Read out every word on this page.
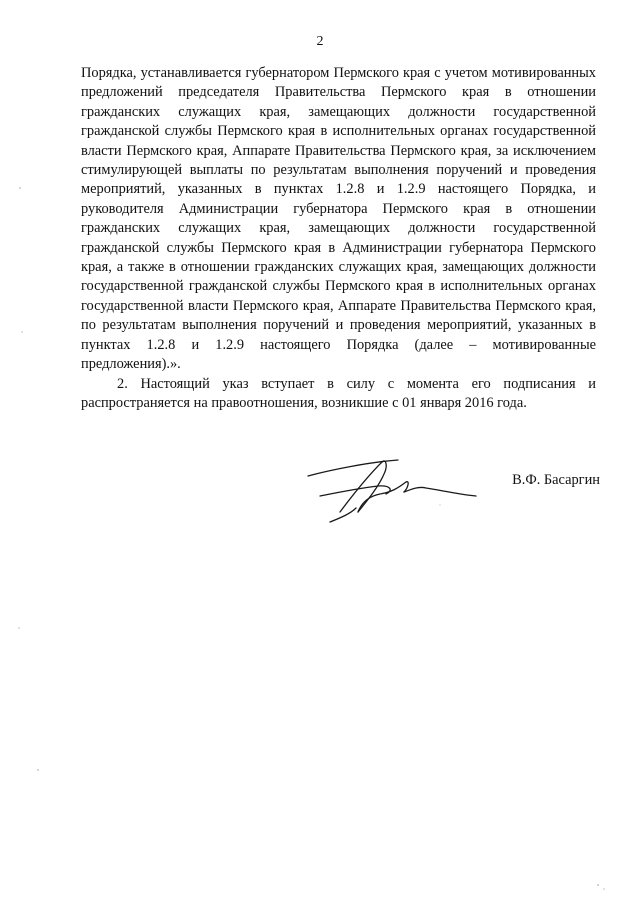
2

Порядка, устанавливается губернатором Пермского края с учетом мотивированных предложений председателя Правительства Пермского края в отношении гражданских служащих края, замещающих должности государственной гражданской службы Пермского края в исполнительных органах государственной власти Пермского края, Аппарате Правительства Пермского края, за исключением стимулирующей выплаты по результатам выполнения поручений и проведения мероприятий, указанных в пунктах 1.2.8 и 1.2.9 настоящего Порядка, и руководителя Администрации губернатора Пермского края в отношении гражданских служащих края, замещающих должности государственной гражданской службы Пермского края в Администрации губернатора Пермского края, а также в отношении гражданских служащих края, замещающих должности государственной гражданской службы Пермского края в исполнительных органах государственной власти Пермского края, Аппарате Правительства Пермского края, по результатам выполнения поручений и проведения мероприятий, указанных в пунктах 1.2.8 и 1.2.9 настоящего Порядка (далее – мотивированные предложения).».

2. Настоящий указ вступает в силу с момента его подписания и распространяется на правоотношения, возникшие с 01 января 2016 года.

В.Ф. Басаргин
